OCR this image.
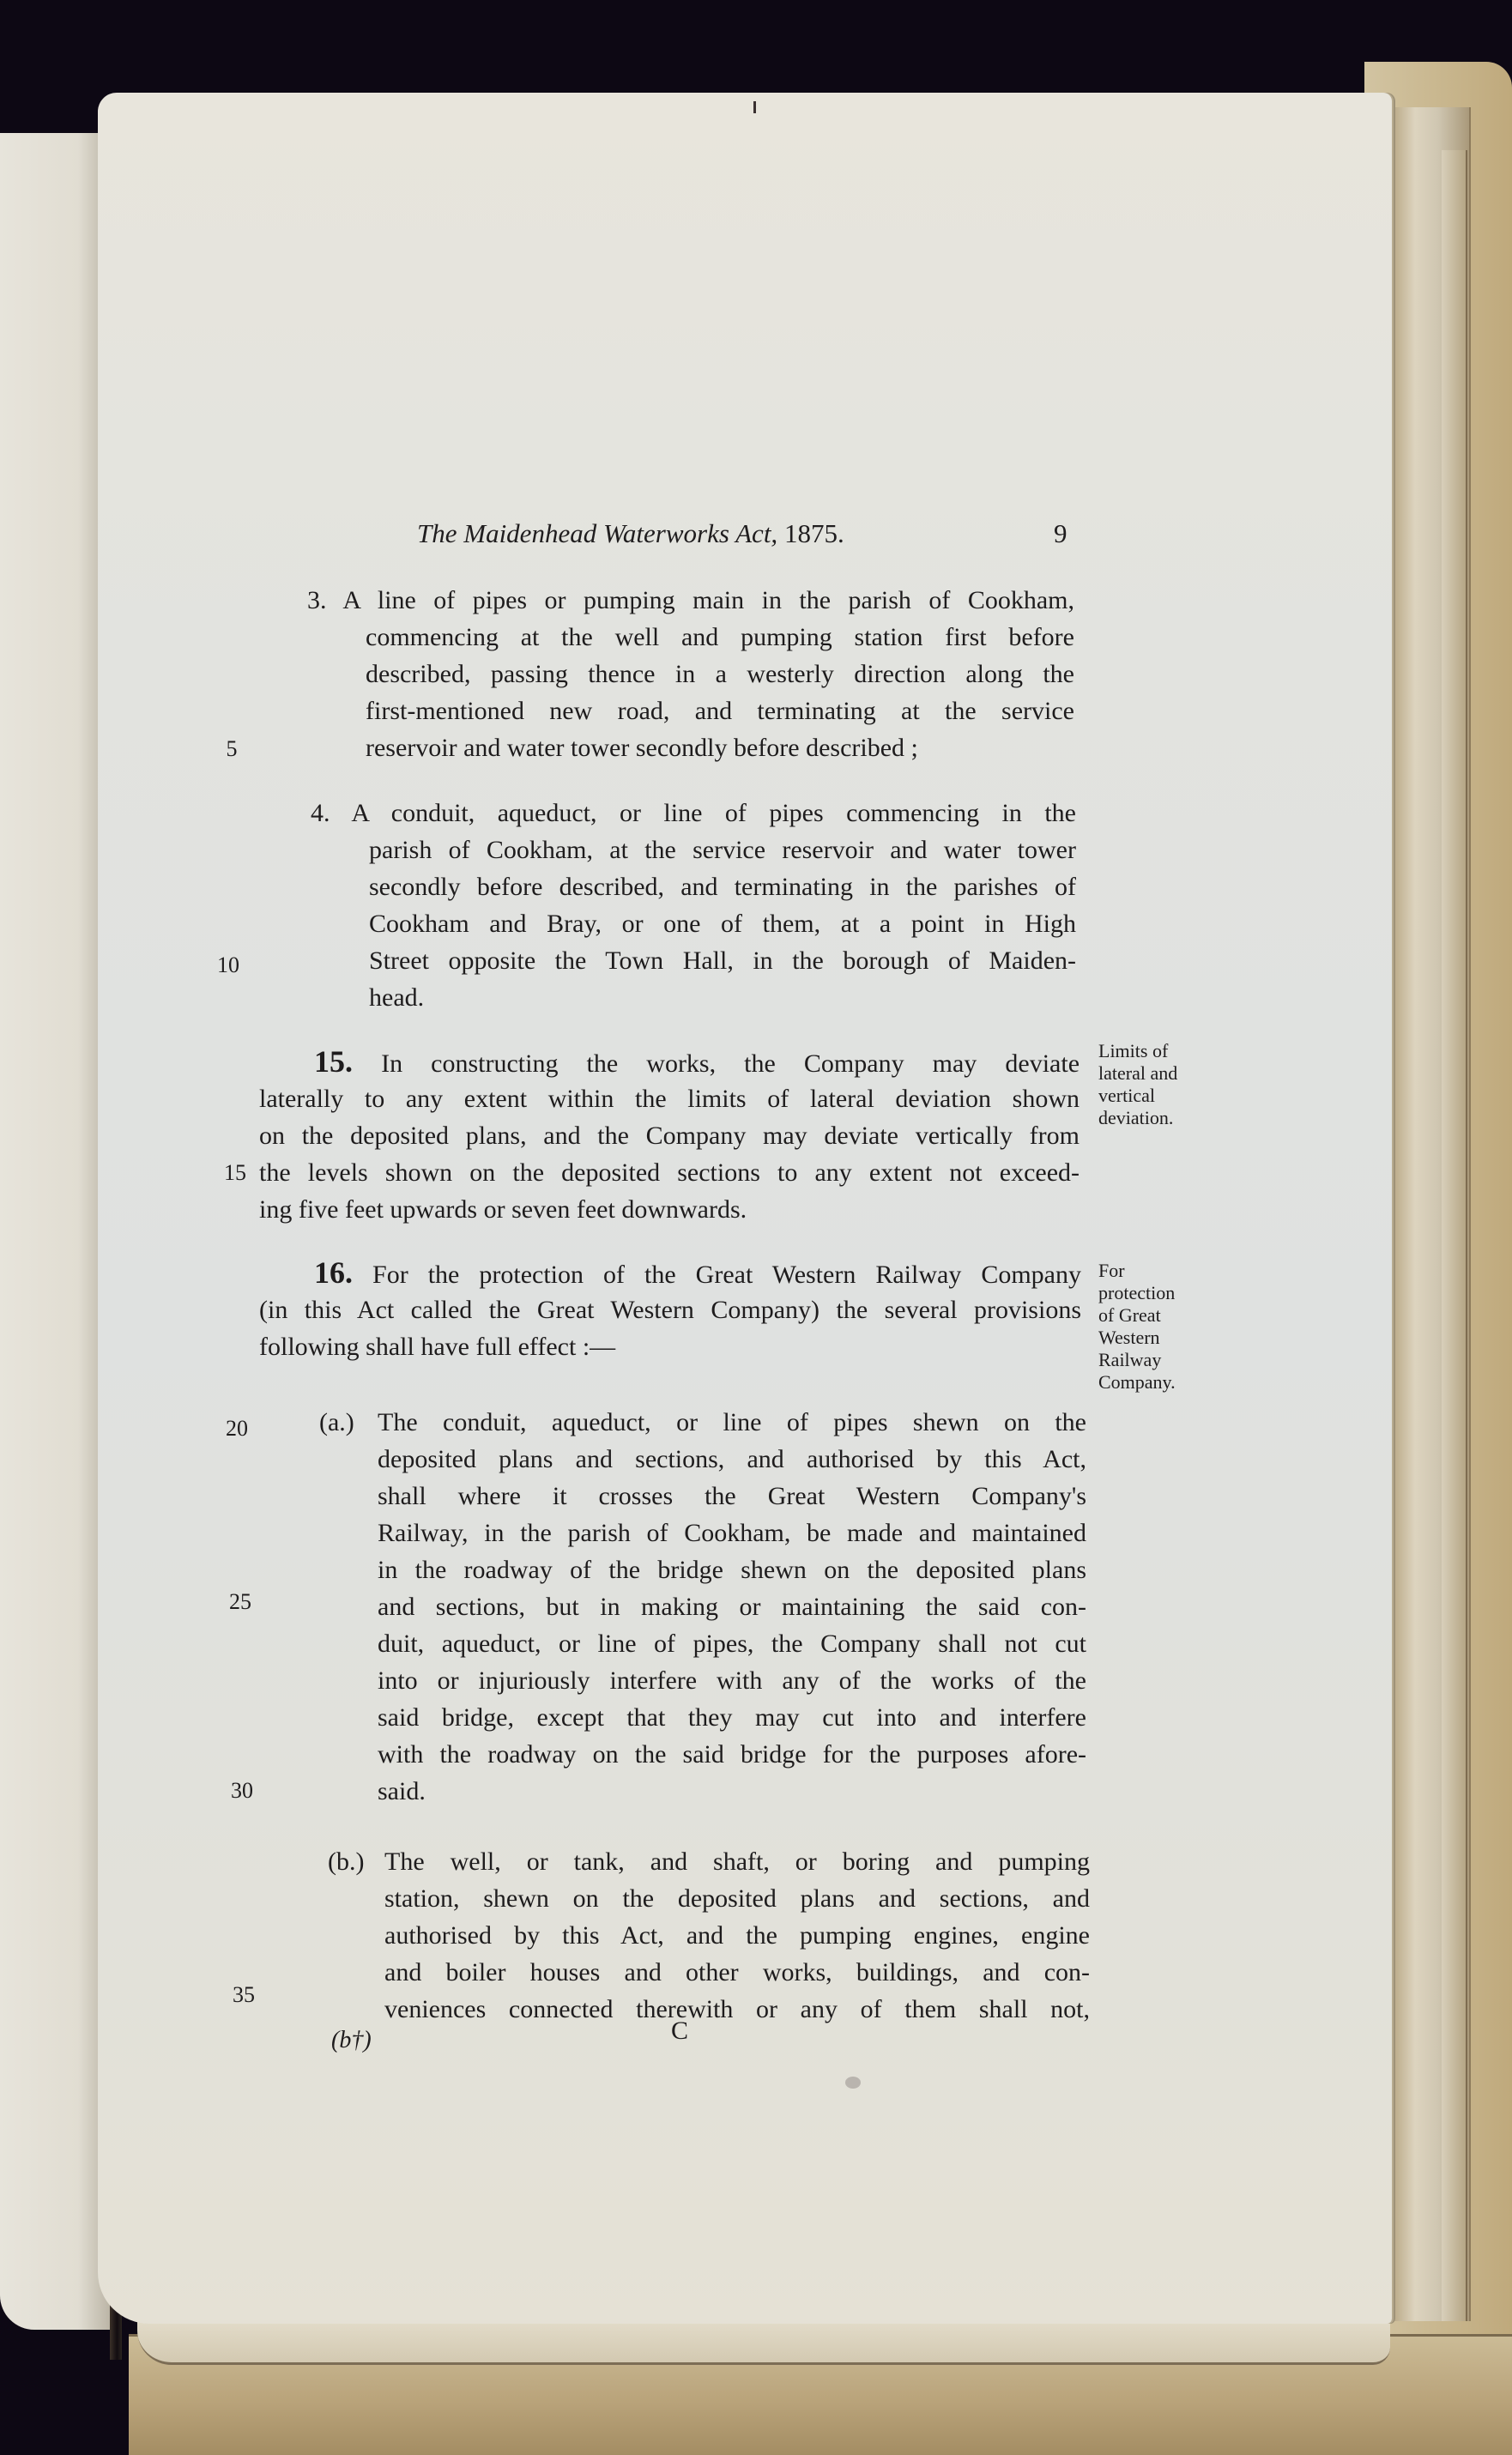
The Maidenhead Waterworks Act, 1875.	9
3. A line of pipes or pumping main in the parish of Cookham,
commencing at the well and pumping station first before
described, passing thence in a westerly direction along the
first-mentioned new road, and terminating at the service
reservoir and water tower secondly before described ;
4. A conduit, aqueduct, or line of pipes commencing in the
parish of Cookham, at the service reservoir and water tower
secondly before described, and terminating in the parishes of
Cookham and Bray, or one of them, at a point in High
Street opposite the Town Hall, in the borough of Maiden-
head.
15. In constructing the works, the Company may deviate
laterally to any extent within the limits of lateral deviation shown
on the deposited plans, and the Company may deviate vertically from
the levels shown on the deposited sections to any extent not exceed-
ing five feet upwards or seven feet downwards.
Limits of
lateral and
vertical
deviation.
16. For the protection of the Great Western Railway Company
(in this Act called the Great Western Company) the several provisions
following shall have full effect :—
For
protection
of Great
Western
Railway
Company.
(a.) The conduit, aqueduct, or line of pipes shewn on the
deposited plans and sections, and authorised by this Act,
shall where it crosses the Great Western Company's
Railway, in the parish of Cookham, be made and maintained
in the roadway of the bridge shewn on the deposited plans
and sections, but in making or maintaining the said con-
duit, aqueduct, or line of pipes, the Company shall not cut
into or injuriously interfere with any of the works of the
said bridge, except that they may cut into and interfere
with the roadway on the said bridge for the purposes afore-
said.
(b.) The well, or tank, and shaft, or boring and pumping
station, shewn on the deposited plans and sections, and
authorised by this Act, and the pumping engines, engine
and boiler houses and other works, buildings, and con-
veniences connected therewith or any of them shall not,
5
10
15
20
25
30
35
(b†)	C
